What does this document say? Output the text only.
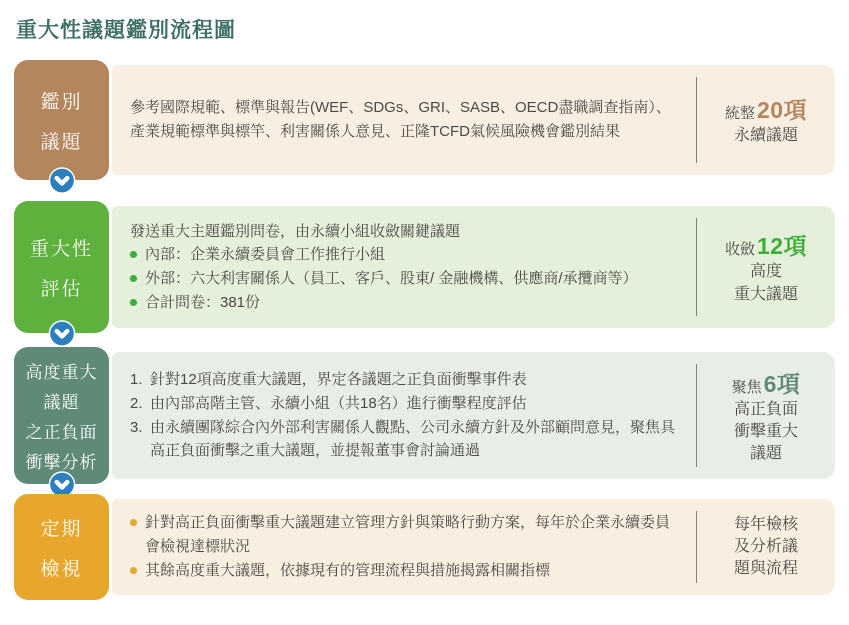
重大性議題鑑別流程圖
鑑別
議題

參考國際規範、標準與報告(WEF、SDGs、GRI、SASB、OECD盡職調查指南）、產業規範標準與標竿、利害關係人意見、正隆TCFD氣候風險機會鑑別結果

統整 20項
永續議題
重大性
評估

發送重大主題鑑別問卷，由永續小組收斂關鍵議題

內部：企業永續委員會工作推行小組
外部：六大利害關係人（員工、客戶、股東/ 金融機構、供應商/承攬商等）
合計問卷：381份
收斂 12項
高度
重大議題
高度重大
議題
之正負面
衝擊分析
1. 針對12項高度重大議題，界定各議題之正負面衝擊事件表
2. 由內部高階主管、永續小組（共18名）進行衝擊程度評估
3. 由永續團隊綜合內外部利害關係人觀點、公司永續方針及外部顧問意見，聚焦具高正負面衝擊之重大議題，並提報董事會討論通過
聚焦 6項
高正負面
衝擊重大
議題
定期
檢視
針對高正負面衝擊重大議題建立管理方針與策略行動方案，每年於企業永續委員會檢視達標狀況
其餘高度重大議題，依據現有的管理流程與措施揭露相關指標
每年檢核
及分析議
題與流程
